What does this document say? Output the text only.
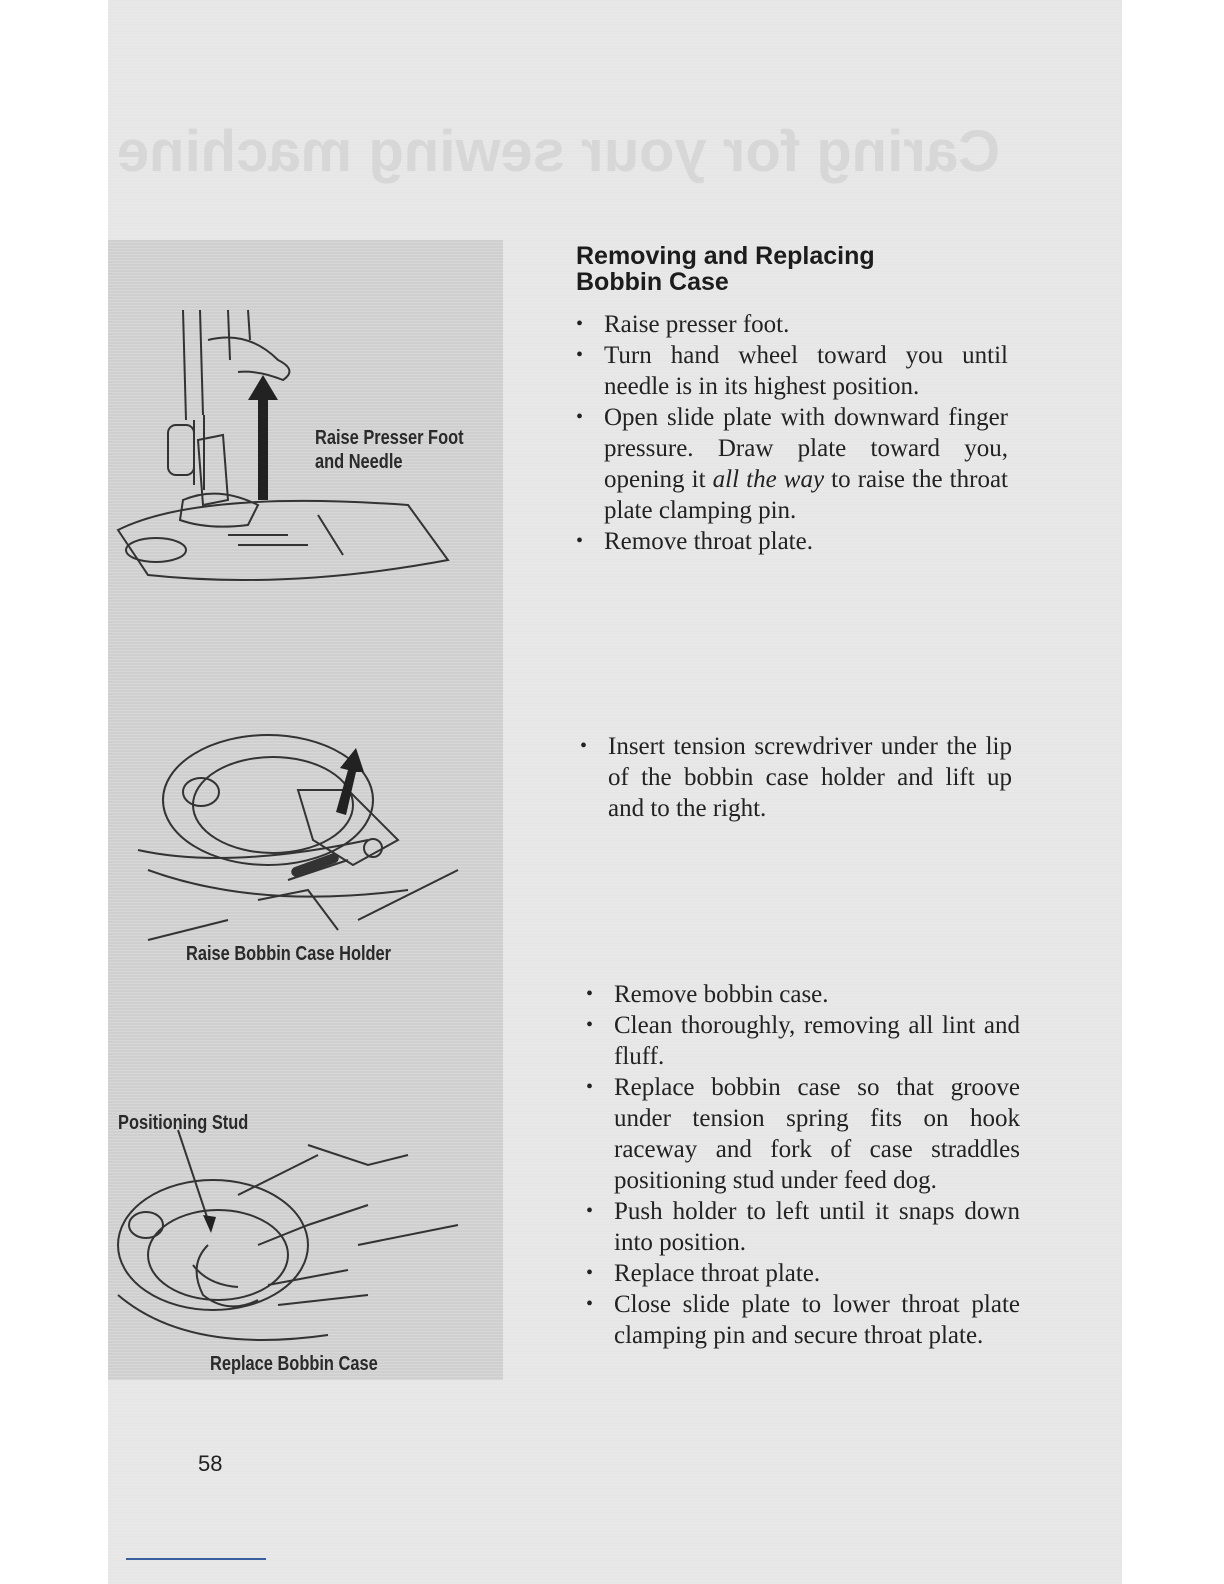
Caring for your sewing machine
Raise Presser Foot
and Needle
Raise Bobbin Case Holder
Positioning Stud
Replace Bobbin Case
Removing and Replacing
Bobbin Case
• Raise presser foot.
• Turn hand wheel toward you until needle is in its highest position.
• Open slide plate with downward finger pressure. Draw plate toward you, opening it all the way to raise the throat plate clamping pin.
• Remove throat plate.
• Insert tension screwdriver under the lip of the bobbin case holder and lift up and to the right.
• Remove bobbin case.
• Clean thoroughly, removing all lint and fluff.
• Replace bobbin case so that groove under tension spring fits on hook raceway and fork of case straddles positioning stud under feed dog.
• Push holder to left until it snaps down into position.
• Replace throat plate.
• Close slide plate to lower throat plate clamping pin and secure throat plate.
58
